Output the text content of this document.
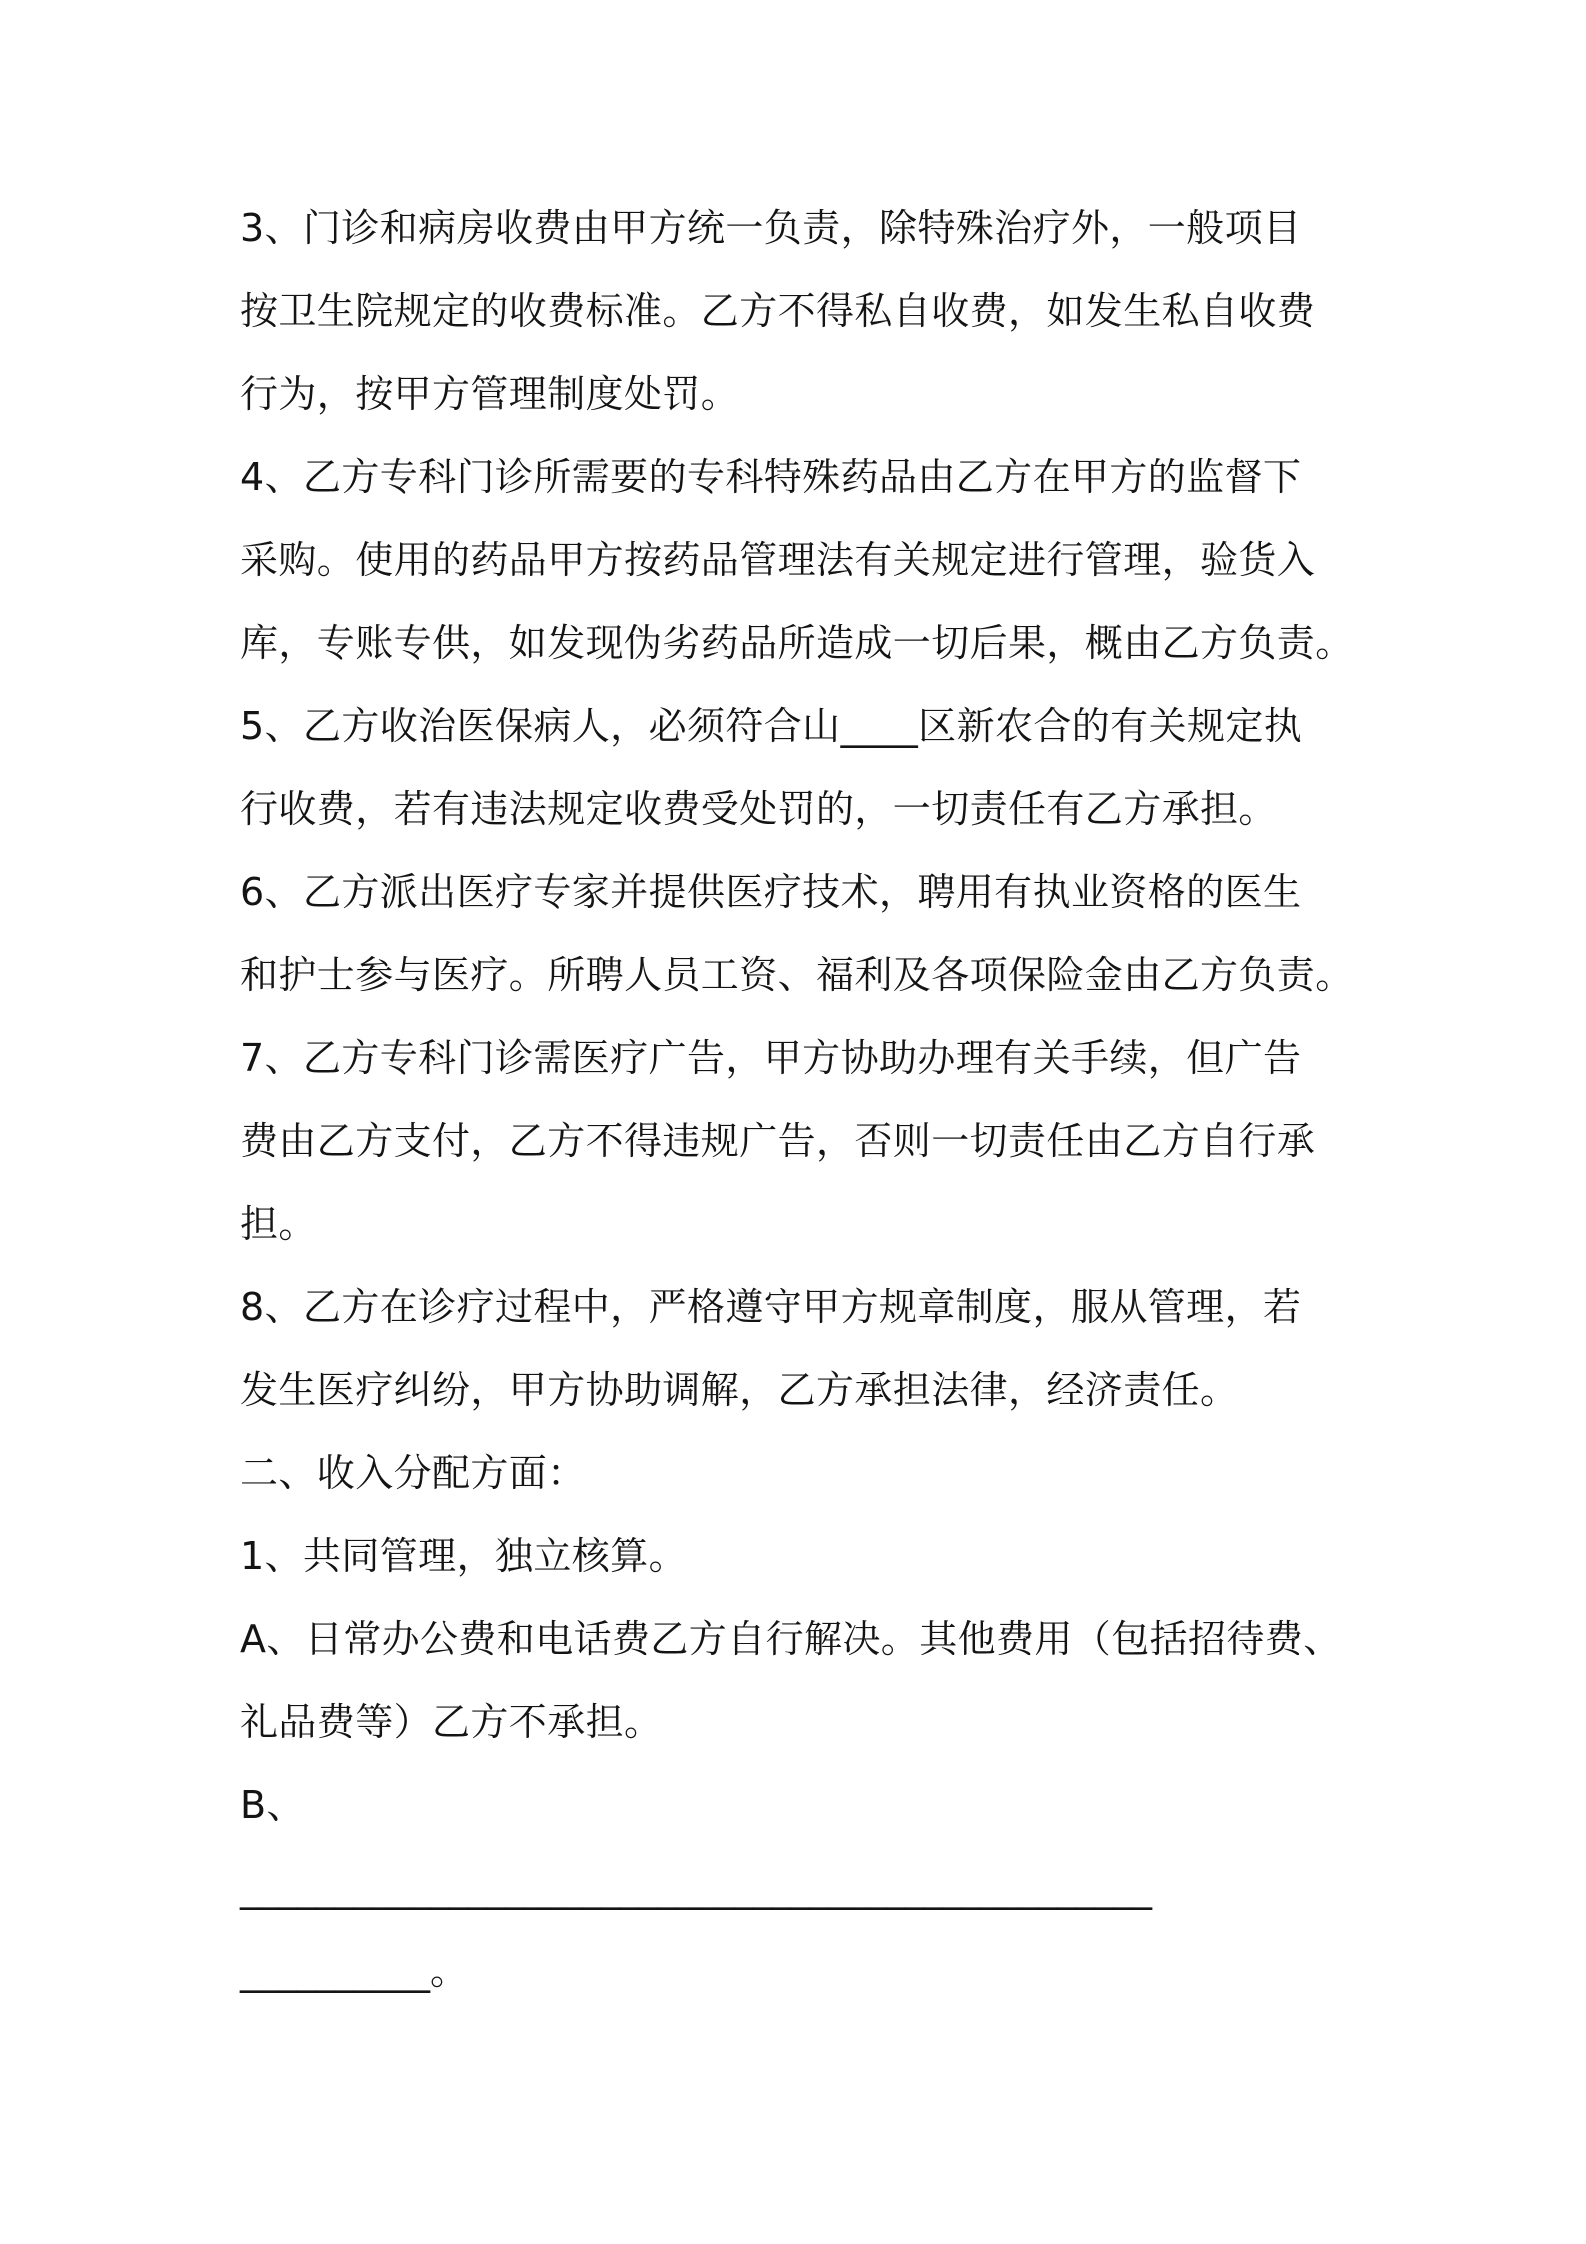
3、门诊和病房收费由甲方统一负责，除特殊治疗外，一般项目
按卫生院规定的收费标准。乙方不得私自收费，如发生私自收费
行为，按甲方管理制度处罚。
4、乙方专科门诊所需要的专科特殊药品由乙方在甲方的监督下
采购。使用的药品甲方按药品管理法有关规定进行管理，验货入
库，专账专供，如发现伪劣药品所造成一切后果，概由乙方负责。
5、乙方收治医保病人，必须符合山____区新农合的有关规定执
行收费，若有违法规定收费受处罚的，一切责任有乙方承担。
6、乙方派出医疗专家并提供医疗技术，聘用有执业资格的医生
和护士参与医疗。所聘人员工资、福利及各项保险金由乙方负责。
7、乙方专科门诊需医疗广告，甲方协助办理有关手续，但广告
费由乙方支付，乙方不得违规广告，否则一切责任由乙方自行承
担。
8、乙方在诊疗过程中，严格遵守甲方规章制度，服从管理，若
发生医疗纠纷，甲方协助调解，乙方承担法律，经济责任。
二、收入分配方面：
1、共同管理，独立核算。
A、日常办公费和电话费乙方自行解决。其他费用（包括招待费、
礼品费等）乙方不承担。
B、
________________________________________________
__________。
